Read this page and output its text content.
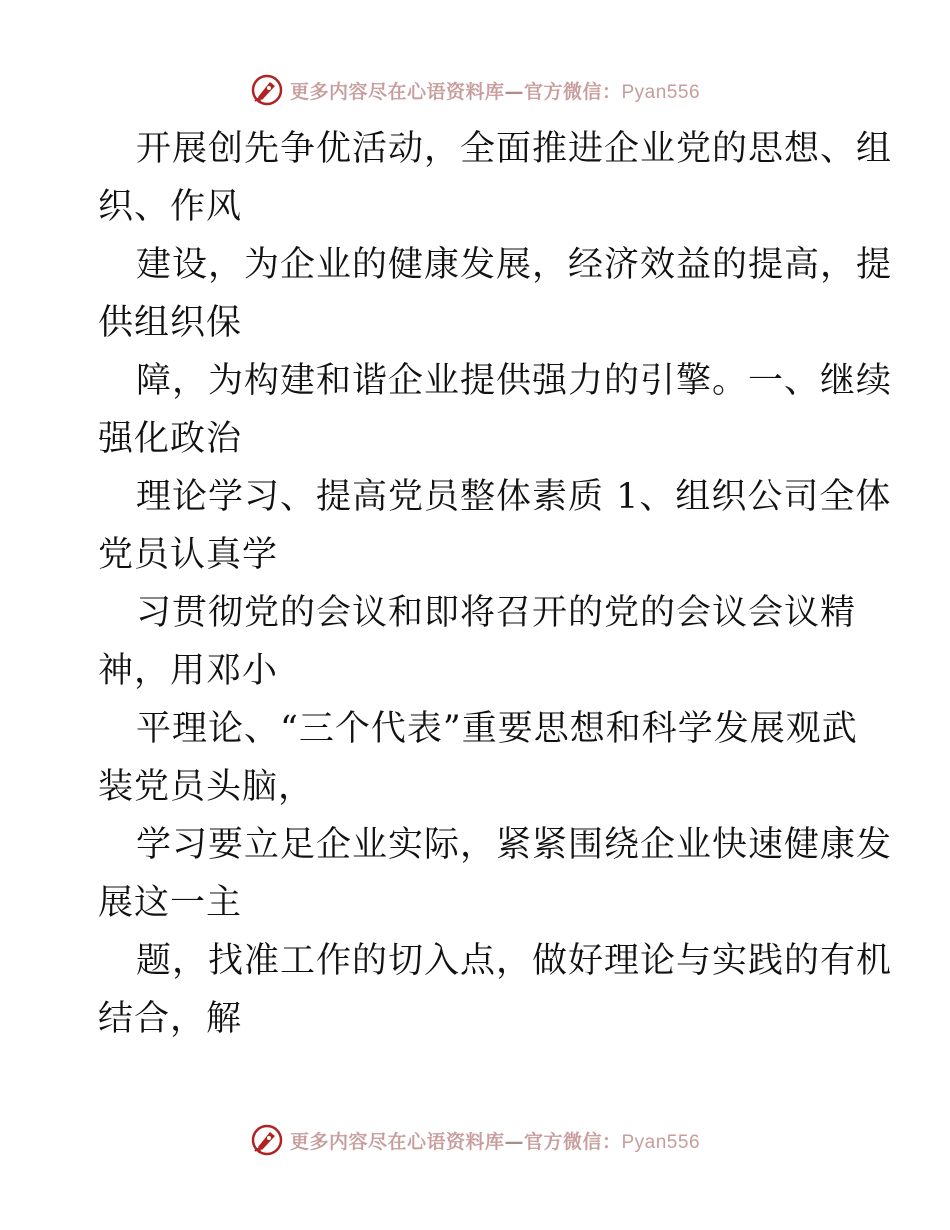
更多内容尽在心语资料库—官方微信：Pyan556
开展创先争优活动，全面推进企业党的思想、组
织、作风
建设，为企业的健康发展，经济效益的提高，提
供组织保
障，为构建和谐企业提供强力的引擎。一、继续
强化政治
理论学习、提高党员整体素质 1、组织公司全体
党员认真学
习贯彻党的会议和即将召开的党的会议会议精
神，用邓小
平理论、“三个代表”重要思想和科学发展观武
装党员头脑，
学习要立足企业实际，紧紧围绕企业快速健康发
展这一主
题，找准工作的切入点，做好理论与实践的有机
结合，解
更多内容尽在心语资料库—官方微信：Pyan556
